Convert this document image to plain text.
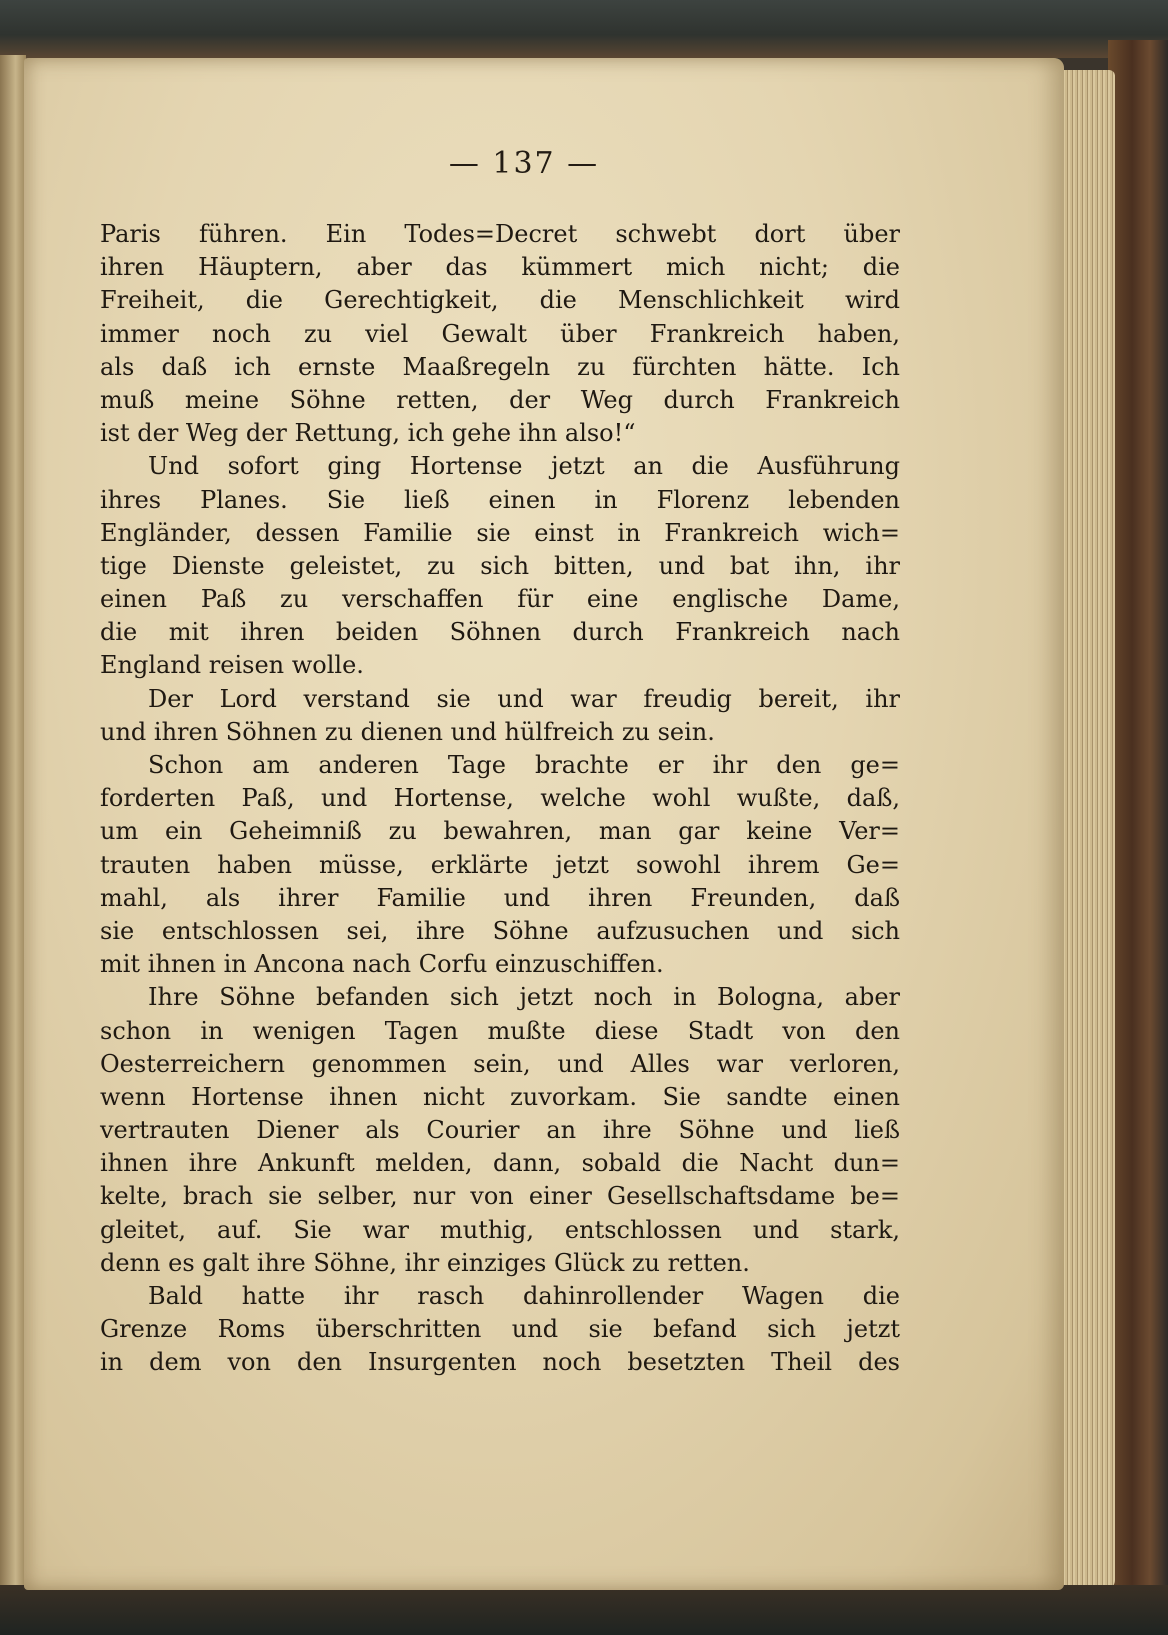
— 137 —
Paris führen. Ein Todes=Decret schwebt dort über
ihren Häuptern, aber das kümmert mich nicht; die
Freiheit, die Gerechtigkeit, die Menschlichkeit wird
immer noch zu viel Gewalt über Frankreich haben,
als daß ich ernste Maaßregeln zu fürchten hätte. Ich
muß meine Söhne retten, der Weg durch Frankreich
ist der Weg der Rettung, ich gehe ihn also!“
Und sofort ging Hortense jetzt an die Ausführung
ihres Planes. Sie ließ einen in Florenz lebenden
Engländer, dessen Familie sie einst in Frankreich wich=
tige Dienste geleistet, zu sich bitten, und bat ihn, ihr
einen Paß zu verschaffen für eine englische Dame,
die mit ihren beiden Söhnen durch Frankreich nach
England reisen wolle.
Der Lord verstand sie und war freudig bereit, ihr
und ihren Söhnen zu dienen und hülfreich zu sein.
Schon am anderen Tage brachte er ihr den ge=
forderten Paß, und Hortense, welche wohl wußte, daß,
um ein Geheimniß zu bewahren, man gar keine Ver=
trauten haben müsse, erklärte jetzt sowohl ihrem Ge=
mahl, als ihrer Familie und ihren Freunden, daß
sie entschlossen sei, ihre Söhne aufzusuchen und sich
mit ihnen in Ancona nach Corfu einzuschiffen.
Ihre Söhne befanden sich jetzt noch in Bologna, aber
schon in wenigen Tagen mußte diese Stadt von den
Oesterreichern genommen sein, und Alles war verloren,
wenn Hortense ihnen nicht zuvorkam. Sie sandte einen
vertrauten Diener als Courier an ihre Söhne und ließ
ihnen ihre Ankunft melden, dann, sobald die Nacht dun=
kelte, brach sie selber, nur von einer Gesellschaftsdame be=
gleitet, auf. Sie war muthig, entschlossen und stark,
denn es galt ihre Söhne, ihr einziges Glück zu retten.
Bald hatte ihr rasch dahinrollender Wagen die
Grenze Roms überschritten und sie befand sich jetzt
in dem von den Insurgenten noch besetzten Theil des
